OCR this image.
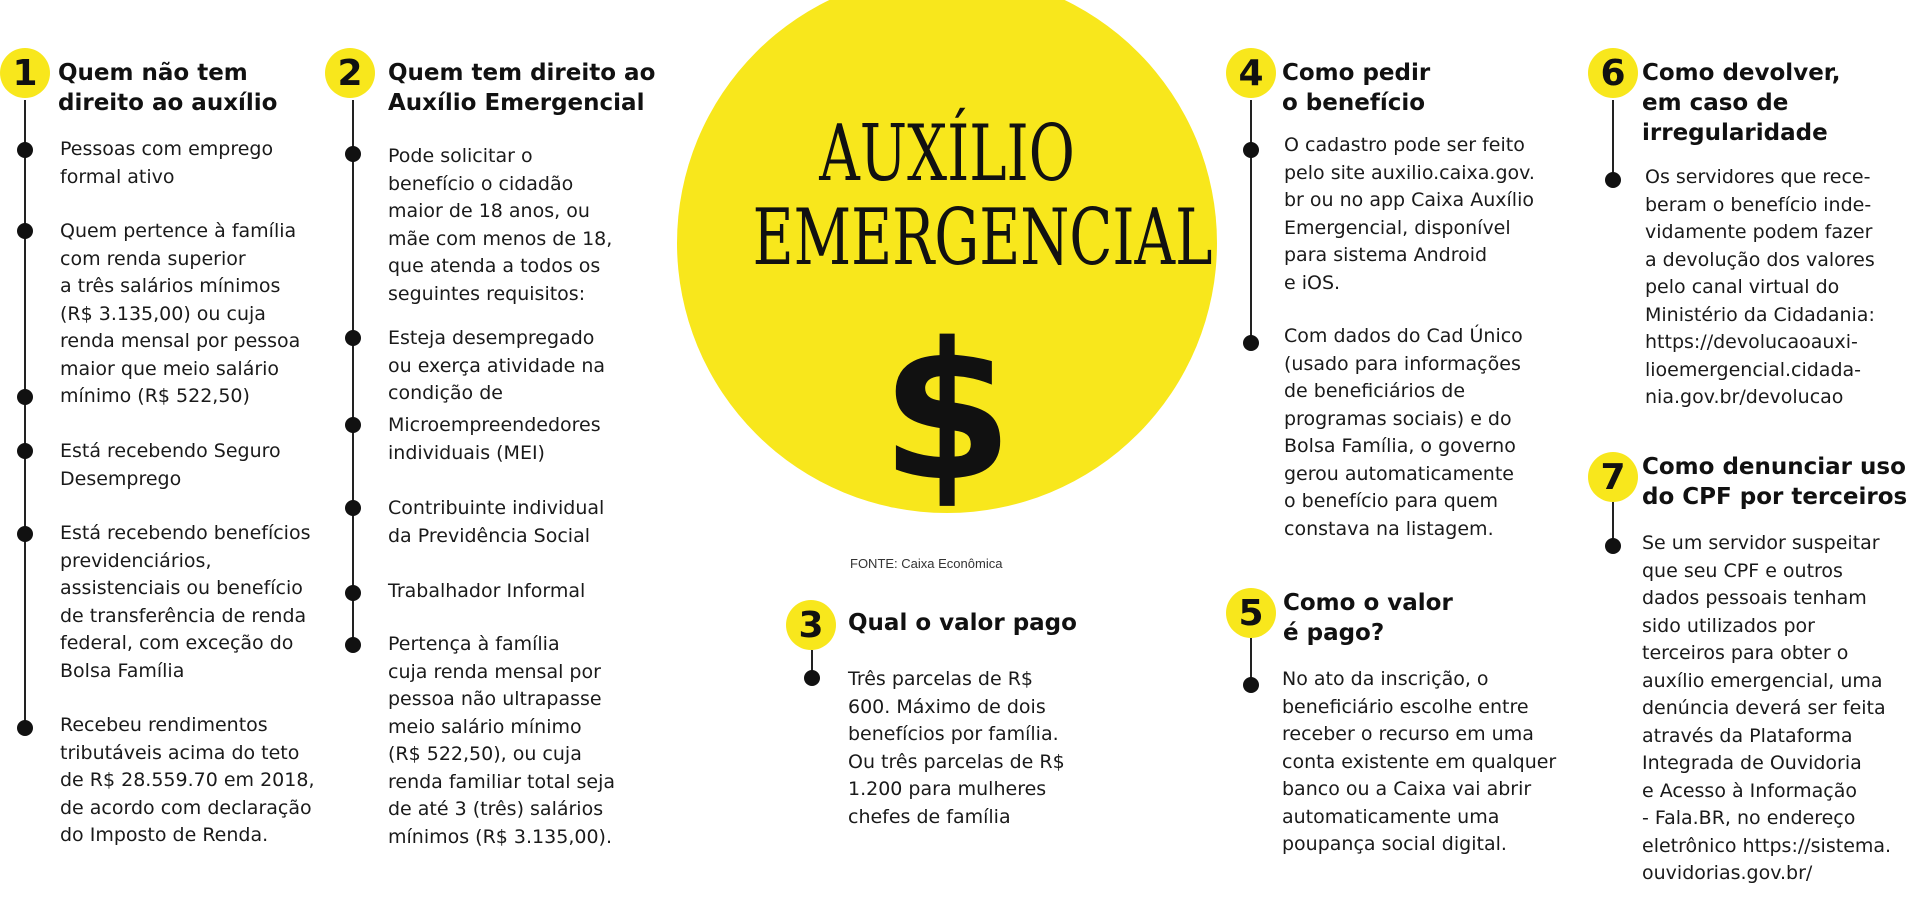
AUXÍLIO
EMERGENCIAL
$
FONTE: Caixa Econômica
1 Quem não tem
direito ao auxílio
Pessoas com emprego
formal ativo
Quem pertence à família
com renda superior
a três salários mínimos
(R$ 3.135,00) ou cuja
renda mensal por pessoa
maior que meio salário
mínimo (R$ 522,50)
Está recebendo Seguro
Desemprego
Está recebendo benefícios
previdenciários,
assistenciais ou benefício
de transferência de renda
federal, com exceção do
Bolsa Família
Recebeu rendimentos
tributáveis acima do teto
de R$ 28.559.70 em 2018,
de acordo com declaração
do Imposto de Renda.
2	Quem tem direito ao
Auxílio Emergencial
Pode solicitar o
benefício o cidadão
maior de 18 anos, ou
mãe com menos de 18,
que atenda a todos os
seguintes requisitos:
Esteja desempregado
ou exerça atividade na
condição de
Microempreendedores
individuais (MEI)
Contribuinte individual
da Previdência Social
Trabalhador Informal
Pertença à família
cuja renda mensal por
pessoa não ultrapasse
meio salário mínimo
(R$ 522,50), ou cuja
renda familiar total seja
de até 3 (três) salários
mínimos (R$ 3.135,00).
3	Qual o valor pago
Três parcelas de R$
600. Máximo de dois
benefícios por família.
Ou três parcelas de R$
1.200 para mulheres
chefes de família
4 Como pedir
o benefício
O cadastro pode ser feito
pelo site auxilio.caixa.gov.
br ou no app Caixa Auxílio
Emergencial, disponível
para sistema Android
e iOS.
Com dados do Cad Único
(usado para informações
de beneficiários de
programas sociais) e do
Bolsa Família, o governo
gerou automaticamente
o benefício para quem
constava na listagem.
5 Como o valor
é pago?
No ato da inscrição, o
beneficiário escolhe entre
receber o recurso em uma
conta existente em qualquer
banco ou a Caixa vai abrir
automaticamente uma
poupança social digital.
6 Como devolver,
em caso de
irregularidade
Os servidores que rece-
beram o benefício inde-
vidamente podem fazer
a devolução dos valores
pelo canal virtual do
Ministério da Cidadania:
https://devolucaoauxi-
lioemergencial.cidada-
nia.gov.br/devolucao
7 Como denunciar uso
do CPF por terceiros
Se um servidor suspeitar
que seu CPF e outros
dados pessoais tenham
sido utilizados por
terceiros para obter o
auxílio emergencial, uma
denúncia deverá ser feita
através da Plataforma
Integrada de Ouvidoria
e Acesso à Informação
- Fala.BR, no endereço
eletrônico https://sistema.
ouvidorias.gov.br/
